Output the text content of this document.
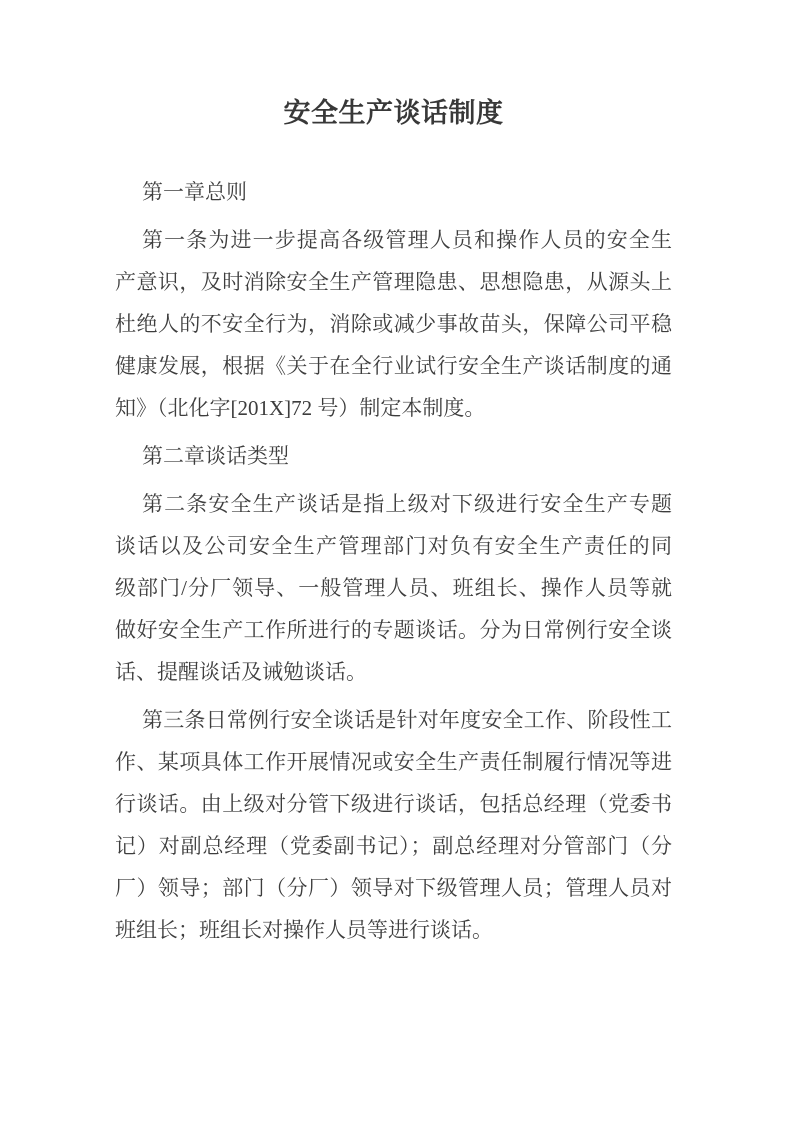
安全生产谈话制度
第一章总则
第一条为进一步提高各级管理人员和操作人员的安全生
产意识，及时消除安全生产管理隐患、思想隐患，从源头上
杜绝人的不安全行为，消除或减少事故苗头，保障公司平稳
健康发展，根据《关于在全行业试行安全生产谈话制度的通
知》（北化字[201X]72 号）制定本制度。
第二章谈话类型
第二条安全生产谈话是指上级对下级进行安全生产专题
谈话以及公司安全生产管理部门对负有安全生产责任的同
级部门/分厂领导、一般管理人员、班组长、操作人员等就
做好安全生产工作所进行的专题谈话。分为日常例行安全谈
话、提醒谈话及诫勉谈话。
第三条日常例行安全谈话是针对年度安全工作、阶段性工
作、某项具体工作开展情况或安全生产责任制履行情况等进
行谈话。由上级对分管下级进行谈话，包括总经理（党委书
记）对副总经理（党委副书记）；副总经理对分管部门（分
厂）领导；部门（分厂）领导对下级管理人员；管理人员对
班组长；班组长对操作人员等进行谈话。
